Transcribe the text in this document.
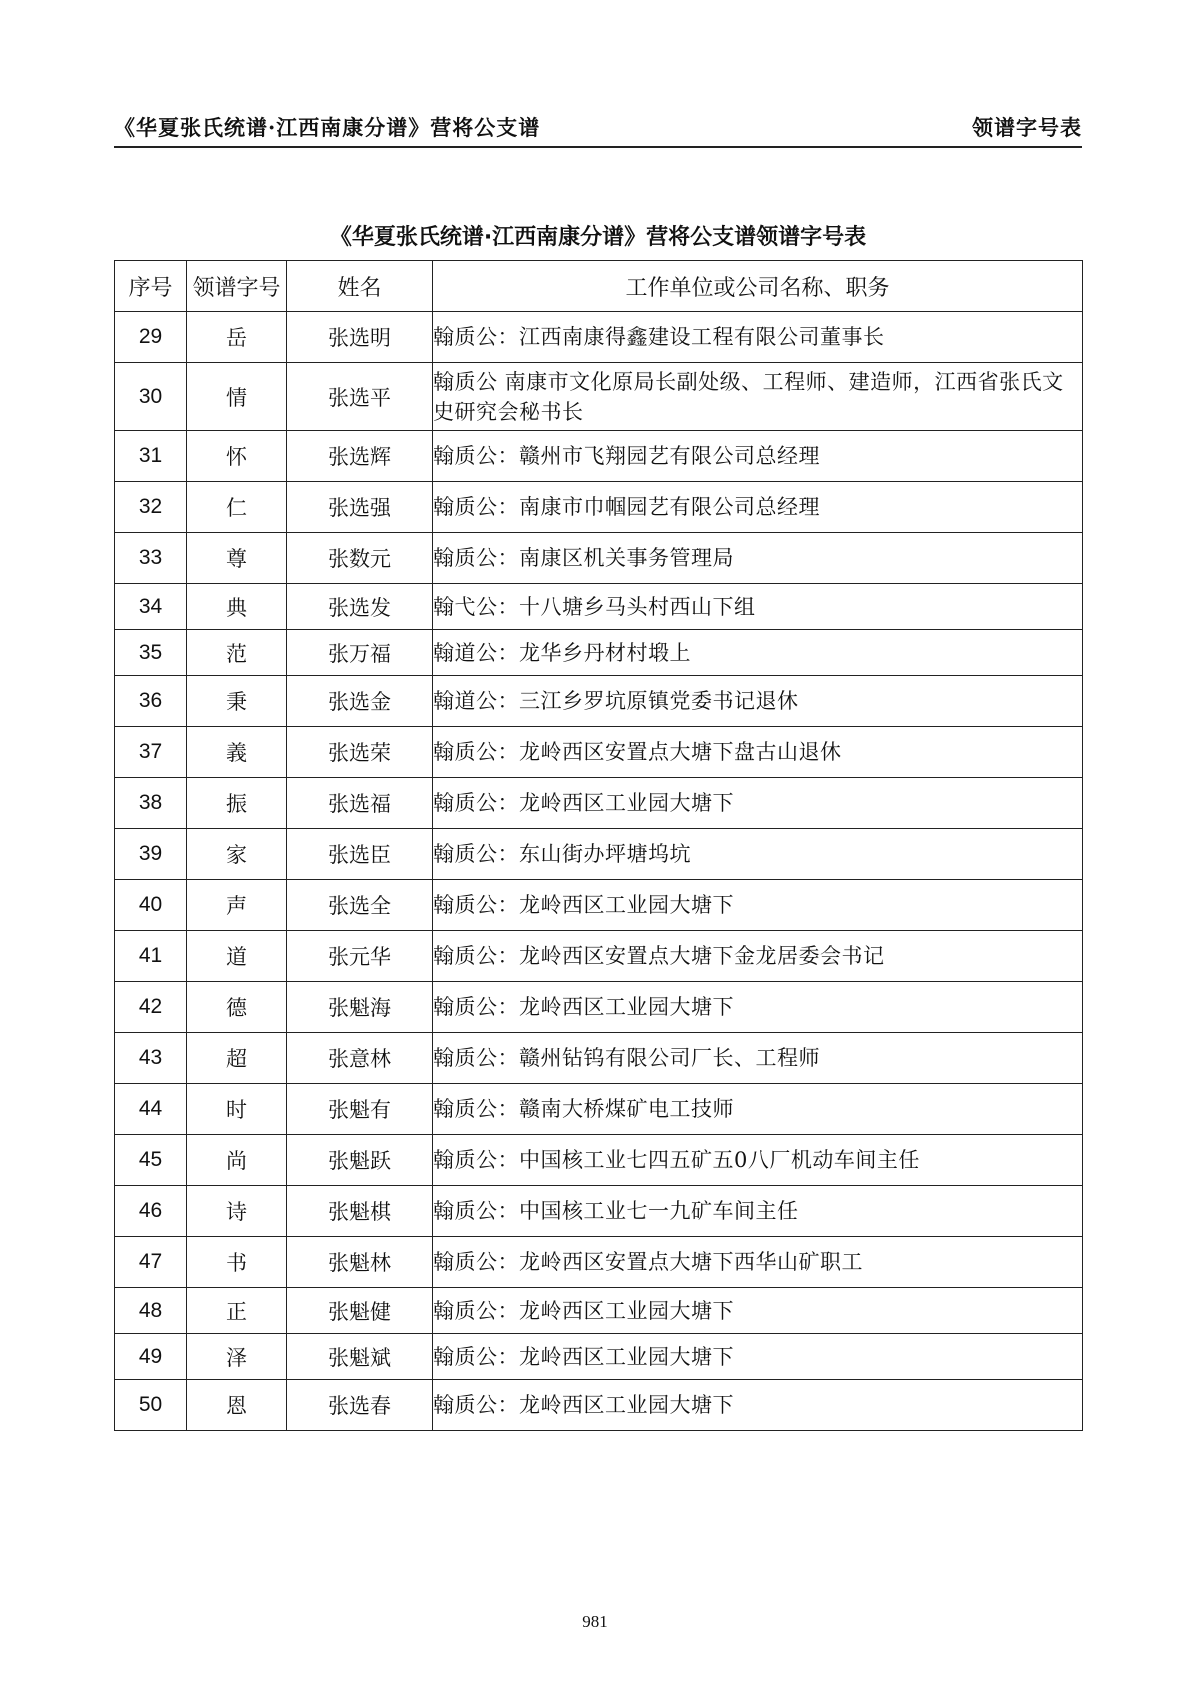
《华夏张氏统谱·江西南康分谱》营将公支谱	领谱字号表
《华夏张氏统谱·江西南康分谱》营将公支谱领谱字号表
序号	领谱字号	姓名	工作单位或公司名称、职务
29	岳	张选明	翰质公：江西南康得鑫建设工程有限公司董事长
30	情	张选平	翰质公 南康市文化原局长副处级、工程师、建造师，江西省张氏文史研究会秘书长
31	怀	张选辉	翰质公：赣州市飞翔园艺有限公司总经理
32	仁	张选强	翰质公：南康市巾帼园艺有限公司总经理
33	尊	张数元	翰质公：南康区机关事务管理局
34	典	张选发	翰弋公：十八塘乡马头村西山下组
35	范	张万福	翰道公：龙华乡丹材村塅上
36	秉	张选金	翰道公：三江乡罗坑原镇党委书记退休
37	義	张选荣	翰质公：龙岭西区安置点大塘下盘古山退休
38	振	张选福	翰质公：龙岭西区工业园大塘下
39	家	张选臣	翰质公：东山街办坪塘坞坑
40	声	张选全	翰质公：龙岭西区工业园大塘下
41	道	张元华	翰质公：龙岭西区安置点大塘下金龙居委会书记
42	德	张魁海	翰质公：龙岭西区工业园大塘下
43	超	张意林	翰质公：赣州钻钨有限公司厂长、工程师
44	时	张魁有	翰质公：赣南大桥煤矿电工技师
45	尚	张魁跃	翰质公：中国核工业七四五矿五0八厂机动车间主任
46	诗	张魁棋	翰质公：中国核工业七一九矿车间主任
47	书	张魁林	翰质公：龙岭西区安置点大塘下西华山矿职工
48	正	张魁健	翰质公：龙岭西区工业园大塘下
49	泽	张魁斌	翰质公：龙岭西区工业园大塘下
50	恩	张选春	翰质公：龙岭西区工业园大塘下
981
